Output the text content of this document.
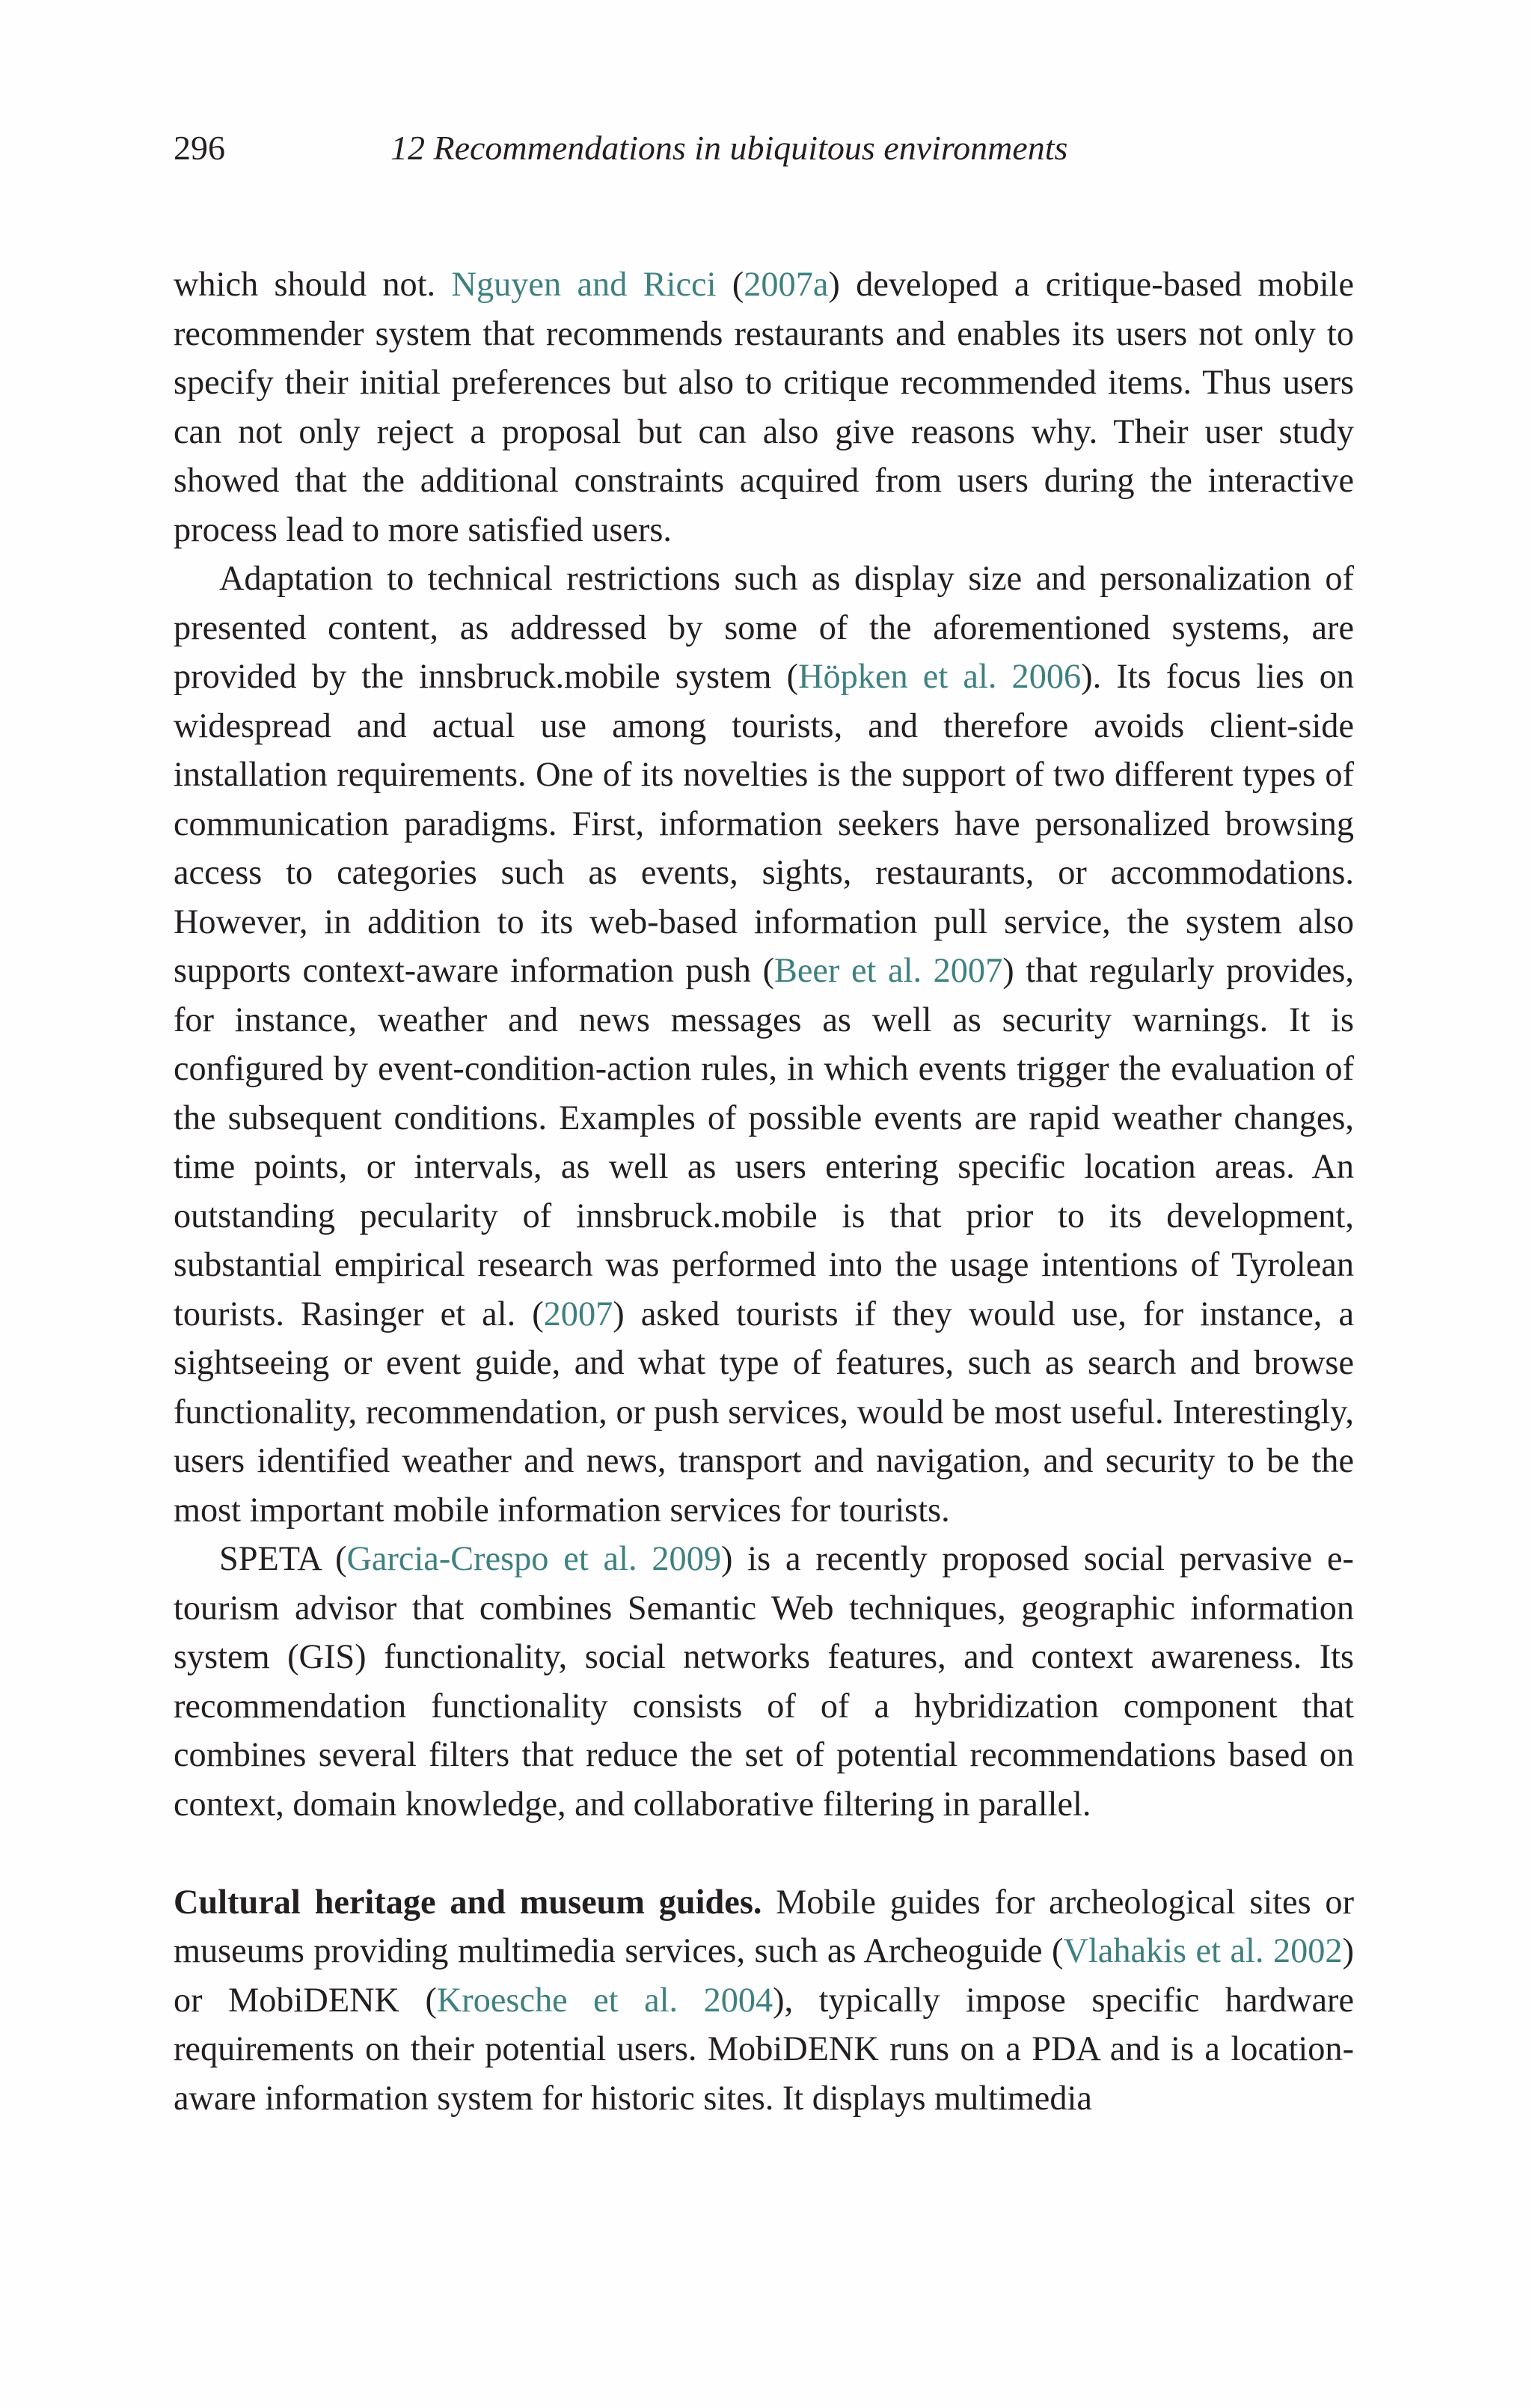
296	12 Recommendations in ubiquitous environments

which should not. Nguyen and Ricci (2007a) developed a critique-based mobile recommender system that recommends restaurants and enables its users not only to specify their initial preferences but also to critique recommended items. Thus users can not only reject a proposal but can also give reasons why. Their user study showed that the additional constraints acquired from users during the interactive process lead to more satisfied users.

Adaptation to technical restrictions such as display size and personalization of presented content, as addressed by some of the aforementioned systems, are provided by the innsbruck.mobile system (Höpken et al. 2006). Its focus lies on widespread and actual use among tourists, and therefore avoids client-side installation requirements. One of its novelties is the support of two different types of communication paradigms. First, information seekers have personalized browsing access to categories such as events, sights, restaurants, or accommodations. However, in addition to its web-based information pull service, the system also supports context-aware information push (Beer et al. 2007) that regularly provides, for instance, weather and news messages as well as security warnings. It is configured by event-condition-action rules, in which events trigger the evaluation of the subsequent conditions. Examples of possible events are rapid weather changes, time points, or intervals, as well as users entering specific location areas. An outstanding pecularity of innsbruck.mobile is that prior to its development, substantial empirical research was performed into the usage intentions of Tyrolean tourists. Rasinger et al. (2007) asked tourists if they would use, for instance, a sightseeing or event guide, and what type of features, such as search and browse functionality, recommendation, or push services, would be most useful. Interestingly, users identified weather and news, transport and navigation, and security to be the most important mobile information services for tourists.

SPETA (Garcia-Crespo et al. 2009) is a recently proposed social pervasive e-tourism advisor that combines Semantic Web techniques, geographic information system (GIS) functionality, social networks features, and context awareness. Its recommendation functionality consists of of a hybridization component that combines several filters that reduce the set of potential recommendations based on context, domain knowledge, and collaborative filtering in parallel.

Cultural heritage and museum guides. Mobile guides for archeological sites or museums providing multimedia services, such as Archeoguide (Vlahakis et al. 2002) or MobiDENK (Kroesche et al. 2004), typically impose specific hardware requirements on their potential users. MobiDENK runs on a PDA and is a location-aware information system for historic sites. It displays multimedia
